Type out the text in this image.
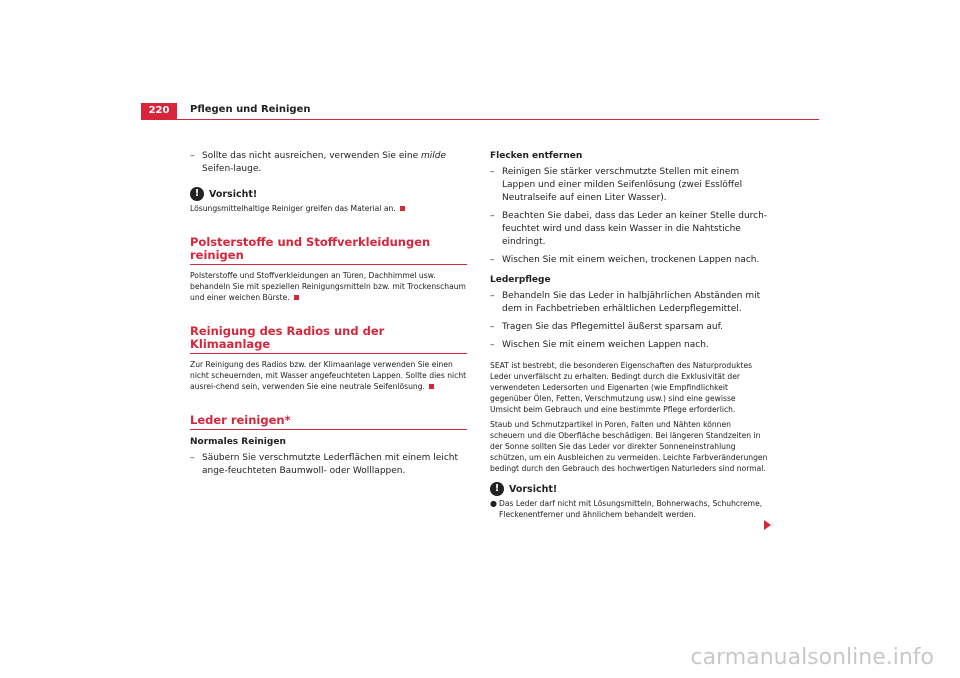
220	Pflegen und Reinigen
– Sollte das nicht ausreichen, verwenden Sie eine milde Seifen-lauge.
!	Vorsicht!

Lösungsmittelhaltige Reiniger greifen das Material an.

Polsterstoffe und Stoffverkleidungen reinigen

Polsterstoffe und Stoffverkleidungen an Türen, Dachhimmel usw. behandeln Sie mit speziellen Reinigungsmitteln bzw. mit Trockenschaum und einer weichen Bürste.

Reinigung des Radios und der Klimaanlage

Zur Reinigung des Radios bzw. der Klimaanlage verwenden Sie einen nicht scheuernden, mit Wasser angefeuchteten Lappen. Sollte dies nicht ausrei-chend sein, verwenden Sie eine neutrale Seifenlösung.

Leder reinigen*

Normales Reinigen

– Säubern Sie verschmutzte Lederflächen mit einem leicht ange-feuchteten Baumwoll- oder Wolllappen.

Flecken entfernen

– Reinigen Sie stärker verschmutzte Stellen mit einem Lappen und einer milden Seifenlösung (zwei Esslöffel Neutralseife auf einen Liter Wasser).
– Beachten Sie dabei, dass das Leder an keiner Stelle durch-feuchtet wird und dass kein Wasser in die Nahtstiche eindringt.
– Wischen Sie mit einem weichen, trockenen Lappen nach.

Lederpflege

– Behandeln Sie das Leder in halbjährlichen Abständen mit dem in Fachbetrieben erhältlichen Lederpflegemittel.
– Tragen Sie das Pflegemittel äußerst sparsam auf.
– Wischen Sie mit einem weichen Lappen nach.

SEAT ist bestrebt, die besonderen Eigenschaften des Naturproduktes Leder unverfälscht zu erhalten. Bedingt durch die Exklusivität der verwendeten Ledersorten und Eigenarten (wie Empfindlichkeit gegenüber Ölen, Fetten, Verschmutzung usw.) sind eine gewisse Umsicht beim Gebrauch und eine bestimmte Pflege erforderlich.

Staub und Schmutzpartikel in Poren, Falten und Nähten können scheuern und die Oberfläche beschädigen. Bei längeren Standzeiten in der Sonne sollten Sie das Leder vor direkter Sonneneinstrahlung schützen, um ein Ausbleichen zu vermeiden. Leichte Farbveränderungen bedingt durch den Gebrauch des hochwertigen Naturleders sind normal.

!	Vorsicht!
● Das Leder darf nicht mit Lösungsmitteln, Bohnerwachs, Schuhcreme, Fleckenentferner und ähnlichem behandelt werden.
carmanualsonline.info
